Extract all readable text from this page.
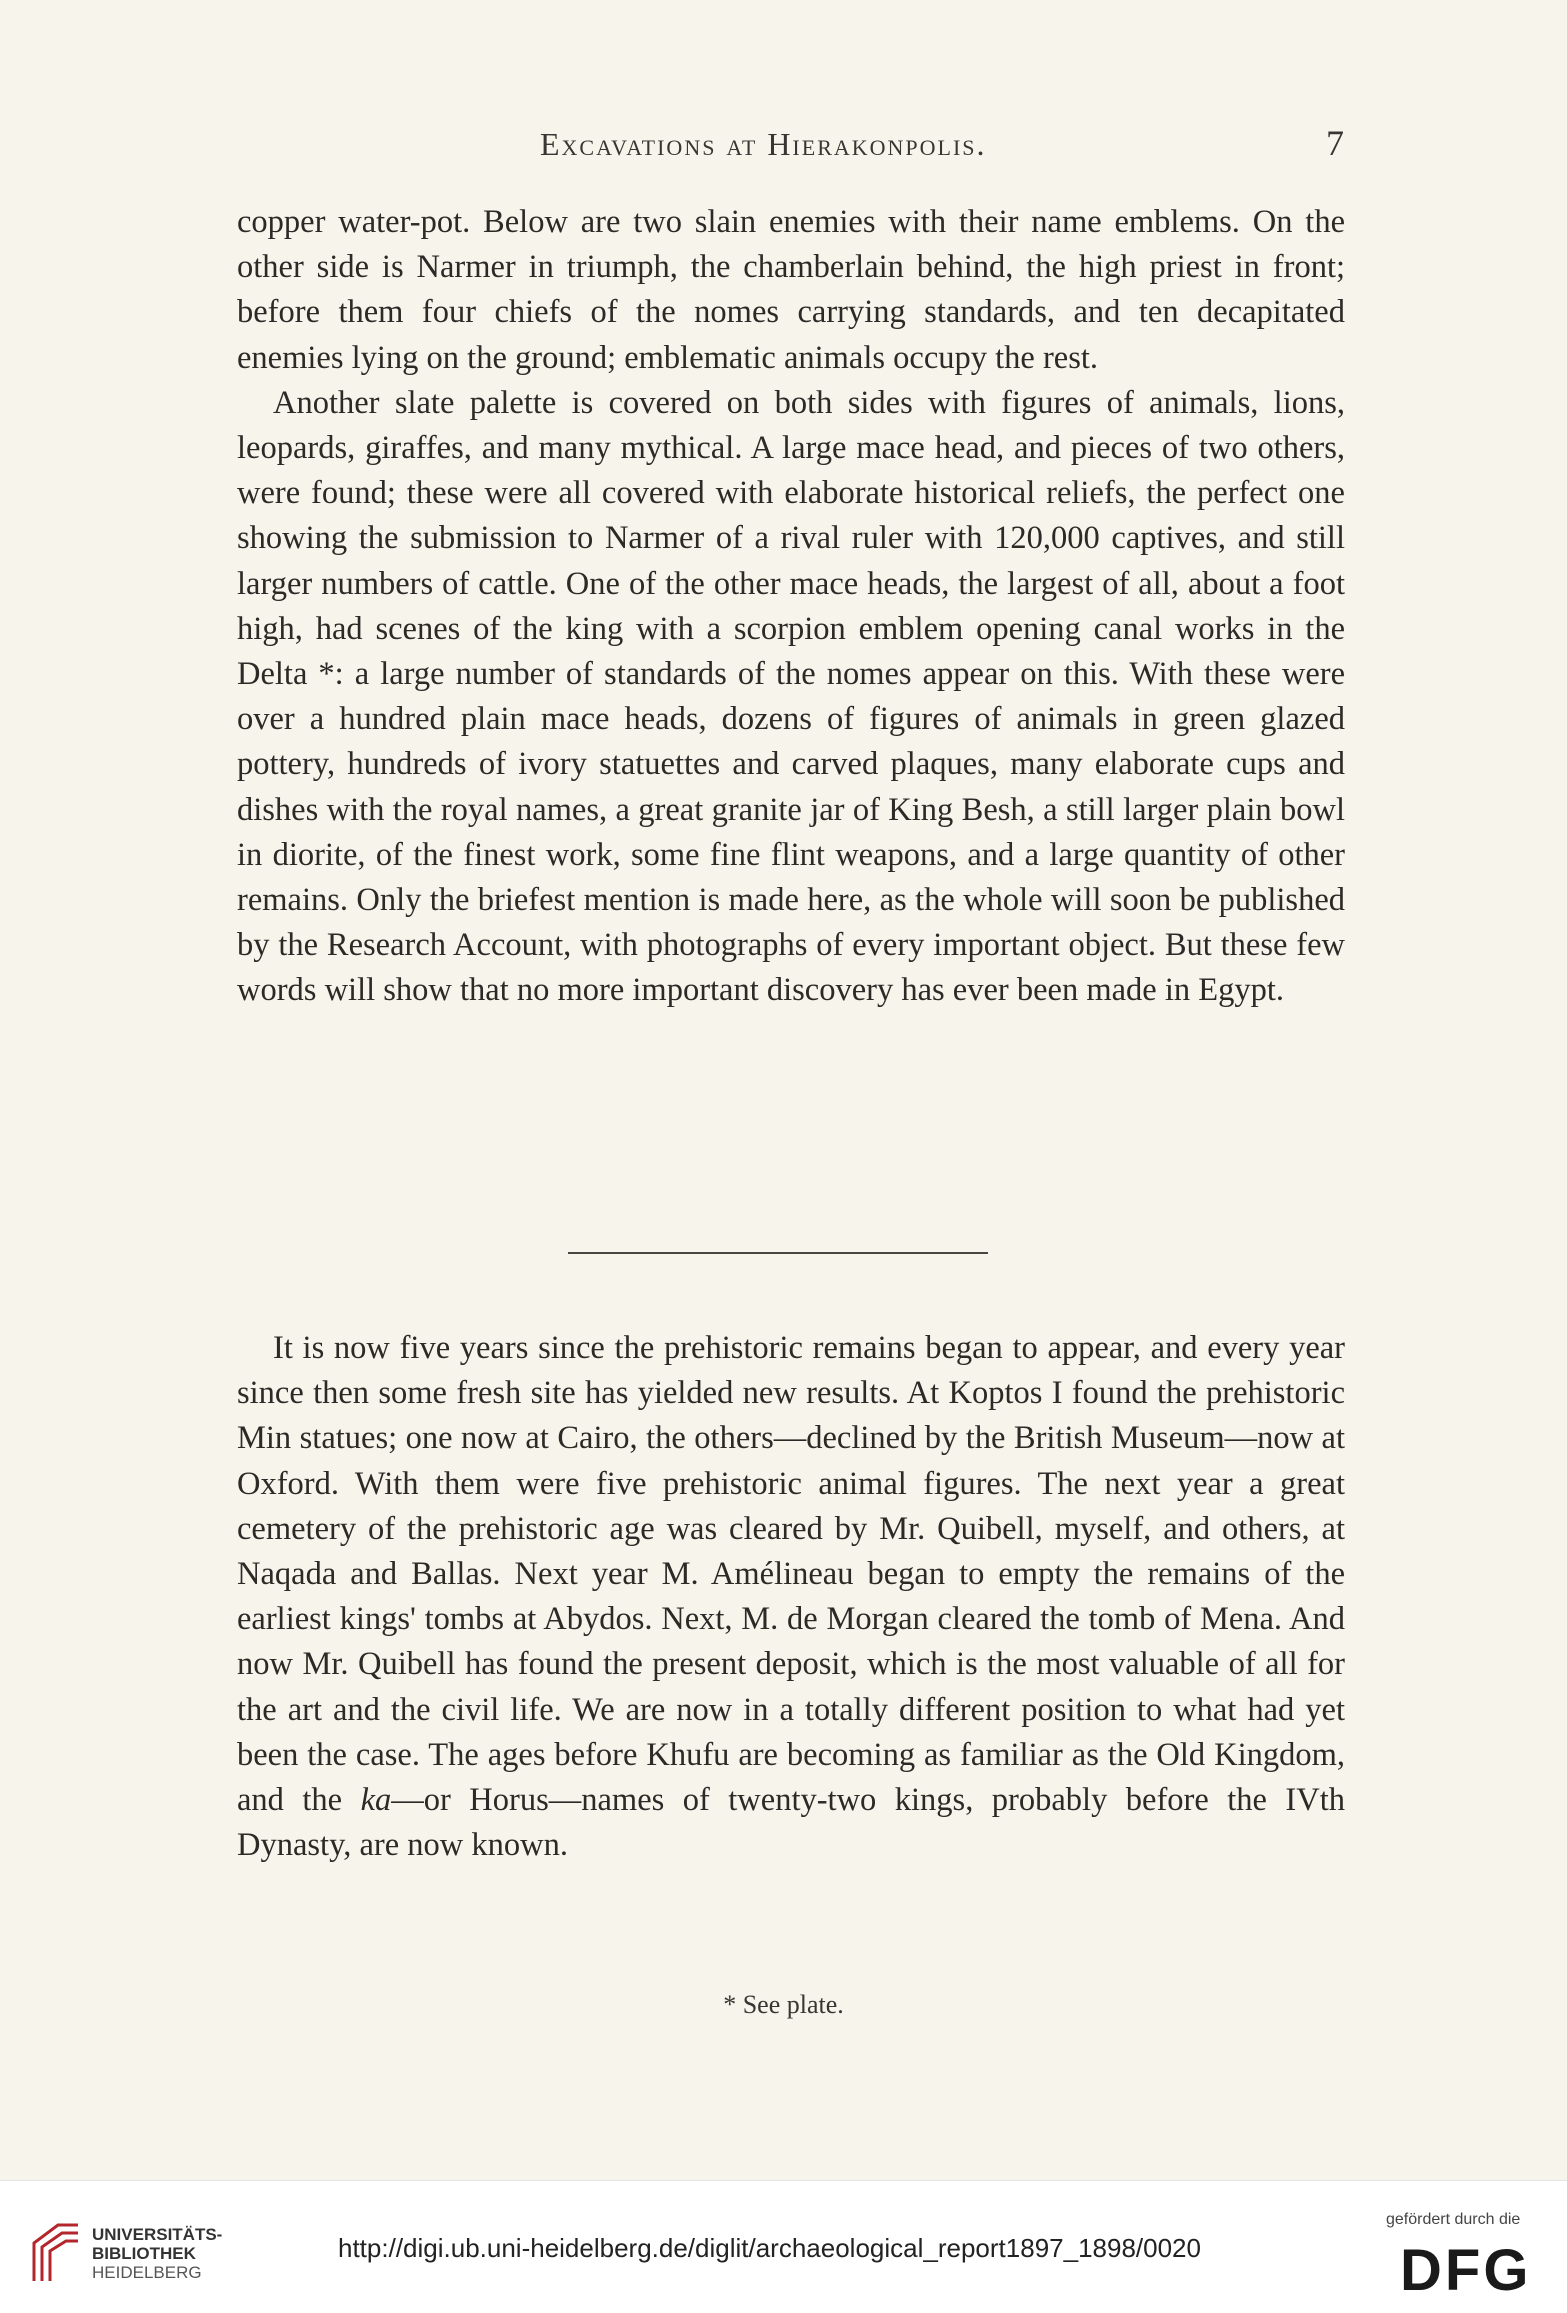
Excavations at Hierakonpolis.	7

copper water-pot. Below are two slain enemies with their name emblems. On the other side is Narmer in triumph, the chamberlain behind, the high priest in front; before them four chiefs of the nomes carrying standards, and ten decapitated enemies lying on the ground; emblematic animals occupy the rest.

Another slate palette is covered on both sides with figures of animals, lions, leopards, giraffes, and many mythical. A large mace head, and pieces of two others, were found; these were all covered with elaborate historical reliefs, the perfect one showing the submission to Narmer of a rival ruler with 120,000 captives, and still larger numbers of cattle. One of the other mace heads, the largest of all, about a foot high, had scenes of the king with a scorpion emblem opening canal works in the Delta *: a large number of standards of the nomes appear on this. With these were over a hundred plain mace heads, dozens of figures of animals in green glazed pottery, hundreds of ivory statuettes and carved plaques, many elaborate cups and dishes with the royal names, a great granite jar of King Besh, a still larger plain bowl in diorite, of the finest work, some fine flint weapons, and a large quantity of other remains. Only the briefest mention is made here, as the whole will soon be published by the Research Account, with photographs of every important object. But these few words will show that no more important discovery has ever been made in Egypt.

It is now five years since the prehistoric remains began to appear, and every year since then some fresh site has yielded new results. At Koptos I found the prehistoric Min statues; one now at Cairo, the others—declined by the British Museum—now at Oxford. With them were five prehistoric animal figures. The next year a great cemetery of the prehistoric age was cleared by Mr. Quibell, myself, and others, at Naqada and Ballas. Next year M. Amélineau began to empty the remains of the earliest kings' tombs at Abydos. Next, M. de Morgan cleared the tomb of Mena. And now Mr. Quibell has found the present deposit, which is the most valuable of all for the art and the civil life. We are now in a totally different position to what had yet been the case. The ages before Khufu are becoming as familiar as the Old Kingdom, and the ka—or Horus—names of twenty-two kings, probably before the IVth Dynasty, are now known.

* See plate.
UNIVERSITÄTS-
BIBLIOTHEK
HEIDELBERG
http://digi.ub.uni-heidelberg.de/diglit/archaeological_report1897_1898/0020
gefördert durch die
DFG
